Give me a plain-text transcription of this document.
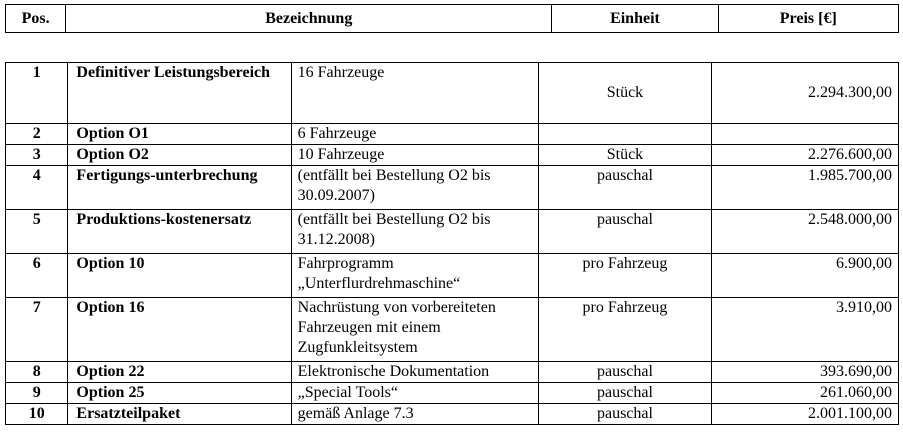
Pos.	Bezeichnung	Einheit	Preis [€]
1	Definitiver Leistungsbereich	16 Fahrzeuge	Stück	2.294.300,00
2	Option O1	6 Fahrzeuge		
3	Option O2	10 Fahrzeuge	Stück	2.276.600,00
4	Fertigungs-unterbrechung	(entfällt bei Bestellung O2 bis 30.09.2007)	pauschal	1.985.700,00
5	Produktions-kostenersatz	(entfällt bei Bestellung O2 bis 31.12.2008)	pauschal	2.548.000,00
6	Option 10	Fahrprogramm „Unterflurdrehmaschine“	pro Fahrzeug	6.900,00
7	Option 16	Nachrüstung von vorbereiteten Fahrzeugen mit einem Zugfunkleitsystem	pro Fahrzeug	3.910,00
8	Option 22	Elektronische Dokumentation	pauschal	393.690,00
9	Option 25	„Special Tools“	pauschal	261.060,00
10	Ersatzteilpaket	gemäß Anlage 7.3	pauschal	2.001.100,00
